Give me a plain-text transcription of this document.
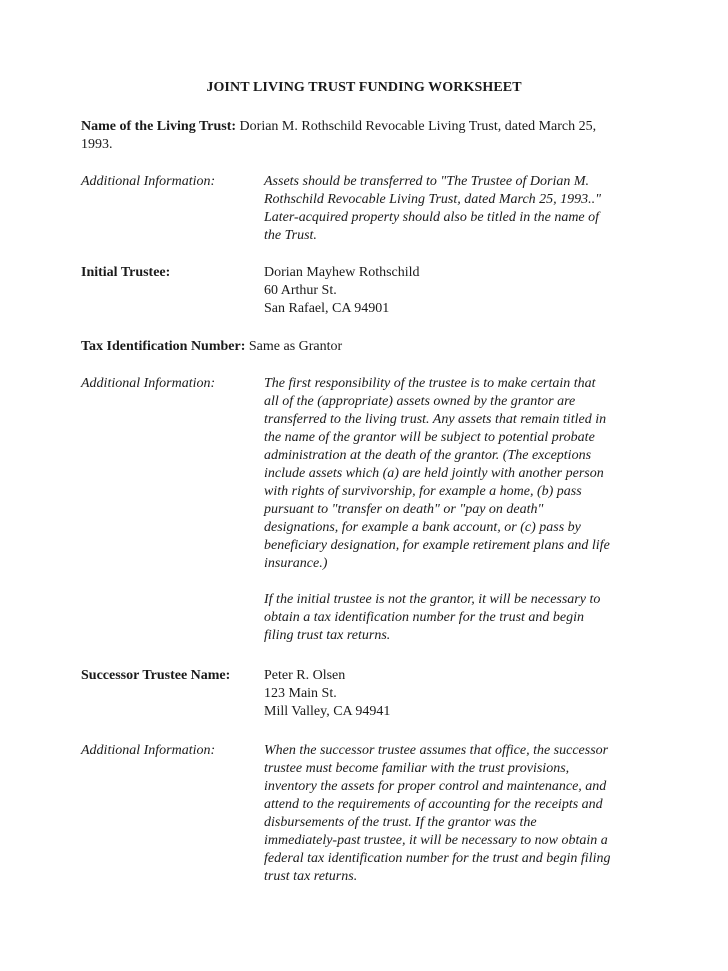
JOINT LIVING TRUST FUNDING WORKSHEET
Name of the Living Trust: Dorian M. Rothschild Revocable Living Trust, dated March 25,
1993.
Additional Information:	Assets should be transferred to "The Trustee of Dorian M.
Rothschild Revocable Living Trust, dated March 25, 1993.."
Later-acquired property should also be titled in the name of
the Trust.
Initial Trustee:	Dorian Mayhew Rothschild
60 Arthur St.
San Rafael, CA 94901
Tax Identification Number: Same as Grantor
Additional Information:	The first responsibility of the trustee is to make certain that
all of the (appropriate) assets owned by the grantor are
transferred to the living trust. Any assets that remain titled in
the name of the grantor will be subject to potential probate
administration at the death of the grantor. (The exceptions
include assets which (a) are held jointly with another person
with rights of survivorship, for example a home, (b) pass
pursuant to "transfer on death" or "pay on death"
designations, for example a bank account, or (c) pass by
beneficiary designation, for example retirement plans and life
insurance.)
If the initial trustee is not the grantor, it will be necessary to
obtain a tax identification number for the trust and begin
filing trust tax returns.
Successor Trustee Name:	Peter R. Olsen
123 Main St.
Mill Valley, CA 94941
Additional Information:	When the successor trustee assumes that office, the successor
trustee must become familiar with the trust provisions,
inventory the assets for proper control and maintenance, and
attend to the requirements of accounting for the receipts and
disbursements of the trust. If the grantor was the
immediately-past trustee, it will be necessary to now obtain a
federal tax identification number for the trust and begin filing
trust tax returns.
